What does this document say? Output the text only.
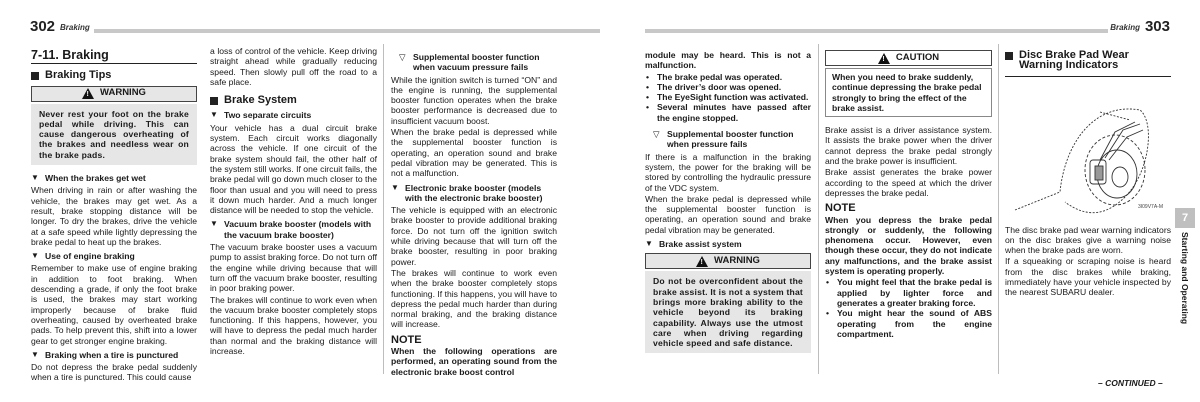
302 Braking	Braking 303
7-11. Braking
Braking Tips
!
WARNING
Never rest your foot on the brake pedal while driving. This can cause dangerous overheating of the brakes and needless wear on the brake pads.
▼ When the brakes get wet

When driving in rain or after washing the vehicle, the brakes may get wet. As a result, brake stopping distance will be longer. To dry the brakes, drive the vehicle at a safe speed while lightly depressing the brake pedal to heat up the brakes.

▼ Use of engine braking

Remember to make use of engine braking in addition to foot braking. When descending a grade, if only the foot brake is used, the brakes may start working improperly because of brake fluid overheating, caused by overheated brake pads. To help prevent this, shift into a lower gear to get stronger engine braking.

▼ Braking when a tire is punctured

Do not depress the brake pedal suddenly when a tire is punctured. This could cause

a loss of control of the vehicle. Keep driving straight ahead while gradually reducing speed. Then slowly pull off the road to a safe place.

Brake System
▼ Two separate circuits

Your vehicle has a dual circuit brake system. Each circuit works diagonally across the vehicle. If one circuit of the brake system should fail, the other half of the system still works. If one circuit fails, the brake pedal will go down much closer to the floor than usual and you will need to press it down much harder. And a much longer distance will be needed to stop the vehicle.

▼ Vacuum brake booster (models with the vacuum brake booster)

The vacuum brake booster uses a vacuum pump to assist braking force. Do not turn off the engine while driving because that will turn off the vacuum brake booster, resulting in poor braking power.

The brakes will continue to work even when the vacuum brake booster completely stops functioning. If this happens, however, you will have to depress the pedal much harder than normal and the braking distance will increase.

▽ Supplemental booster function when vacuum pressure fails

While the ignition switch is turned “ON” and the engine is running, the supplemental booster function operates when the brake booster performance is decreased due to insufficient vacuum boost.

When the brake pedal is depressed while the supplemental booster function is operating, an operation sound and brake pedal vibration may be generated. This is not a malfunction.

▼ Electronic brake booster (models with the electronic brake booster)

The vehicle is equipped with an electronic brake booster to provide additional braking force. Do not turn off the ignition switch while driving because that will turn off the brake booster, resulting in poor braking power.

The brakes will continue to work even when the brake booster completely stops functioning. If this happens, you will have to depress the pedal much harder than during normal braking, and the braking distance will increase.

NOTE

When the following operations are performed, an operating sound from the electronic brake boost control

module may be heard. This is not a malfunction.

• The brake pedal was operated.
• The driver’s door was opened.
• The EyeSight function was activated.
• Several minutes have passed after the engine stopped.
▽ Supplemental booster function when pressure fails

If there is a malfunction in the braking system, the power for the braking will be stored by controlling the hydraulic pressure of the VDC system.

When the brake pedal is depressed while the supplemental booster function is operating, an operation sound and brake pedal vibration may be generated.

▼ Brake assist system
!
WARNING
Do not be overconfident about the brake assist. It is not a system that brings more braking ability to the vehicle beyond its braking capability. Always use the utmost care when driving regarding vehicle speed and safe distance.
!
CAUTION
When you need to brake suddenly, continue depressing the brake pedal strongly to bring the effect of the brake assist.

Brake assist is a driver assistance system. It assists the brake power when the driver cannot depress the brake pedal strongly and the brake power is insufficient.

Brake assist generates the brake power according to the speed at which the driver depresses the brake pedal.

NOTE

When you depress the brake pedal strongly or suddenly, the following phenomena occur. However, even though these occur, they do not indicate any malfunctions, and the brake assist system is operating properly.

• You might feel that the brake pedal is applied by lighter force and generates a greater braking force.
• You might hear the sound of ABS operating from the engine compartment.
Disc Brake Pad Wear Warning Indicators
3I09V7A-M

The disc brake pad wear warning indicators on the disc brakes give a warning noise when the brake pads are worn.

If a squeaking or scraping noise is heard from the disc brakes while braking, immediately have your vehicle inspected by the nearest SUBARU dealer.

7
Starting and Operating
– CONTINUED –
